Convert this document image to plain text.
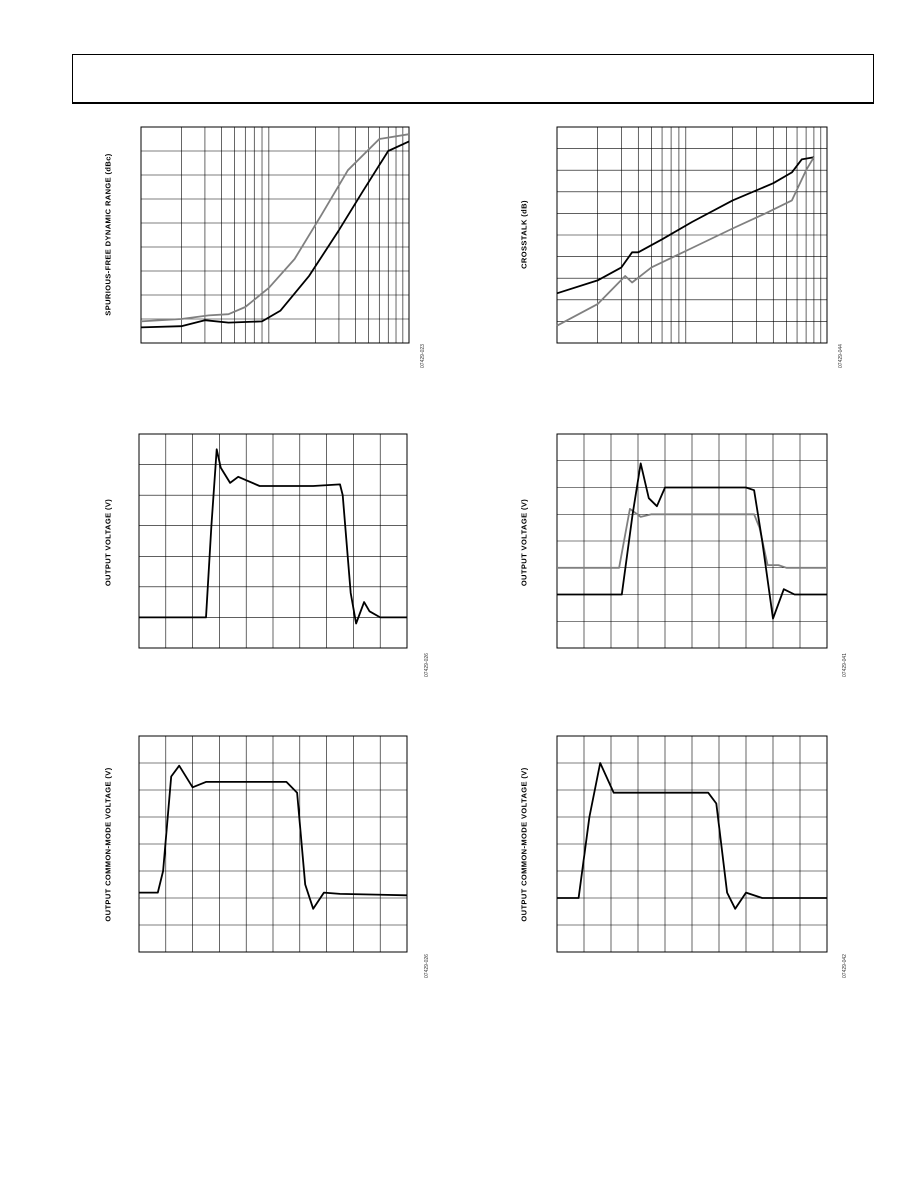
SPURIOUS-FREE DYNAMIC RANGE (dBc)
07429-023
CROSSTALK (dB)
07429-044
OUTPUT VOLTAGE (V)
07429-026
OUTPUT VOLTAGE (V)
07429-041
OUTPUT COMMON-MODE VOLTAGE (V)
07429-026
OUTPUT COMMON-MODE VOLTAGE (V)
07429-042
